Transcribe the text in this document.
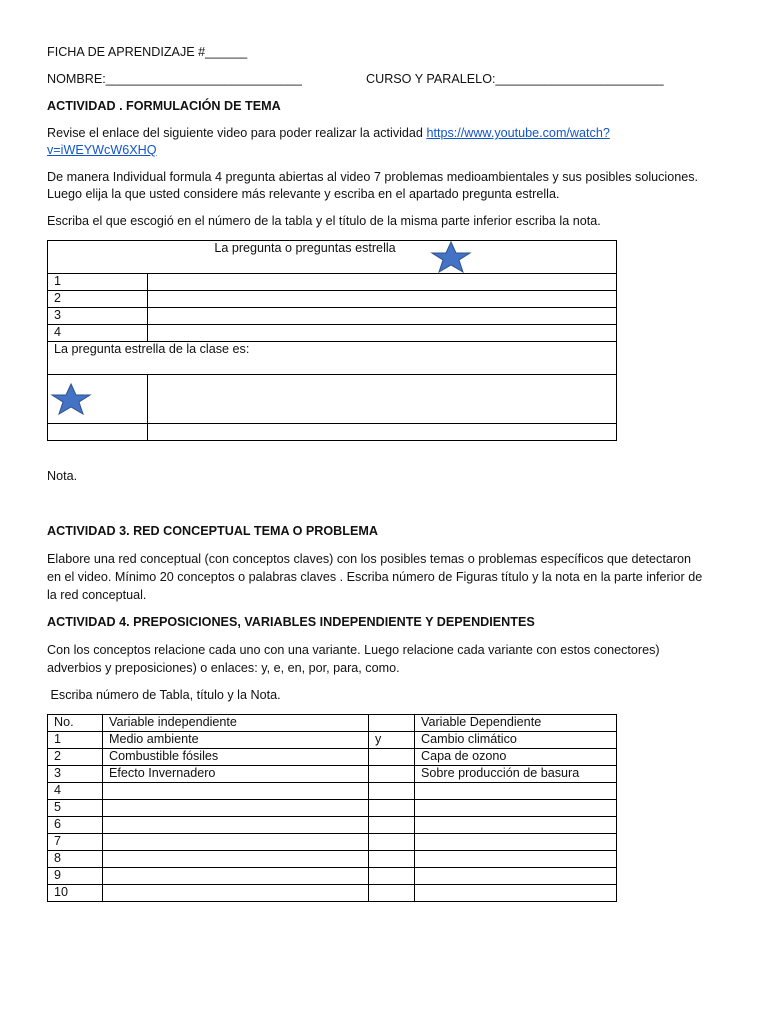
FICHA DE APRENDIZAJE #______

NOMBRE:____________________________	CURSO Y PARALELO:________________________

ACTIVIDAD . FORMULACIÓN DE TEMA

Revise el enlace del siguiente video para poder realizar la actividad https://www.youtube.com/watch?
v=iWEYWcW6XHQ

De manera Individual formula 4 pregunta abiertas al video 7 problemas medioambientales y sus posibles soluciones.
Luego elija la que usted considere más relevante y escriba en el apartado pregunta estrella.

Escriba el que escogió en el número de la tabla y el título de la misma parte inferior escriba la nota.

La pregunta o preguntas estrella	

1	
2	
3	
4	
La pregunta estrella de la clase es:	

Nota.

ACTIVIDAD 3. RED CONCEPTUAL TEMA O PROBLEMA

Elabore una red conceptual (con conceptos claves) con los posibles temas o problemas específicos que detectaron
en el video. Mínimo 20 conceptos o palabras claves . Escriba número de Figuras título y la nota en la parte inferior de
la red conceptual.

ACTIVIDAD 4. PREPOSICIONES, VARIABLES INDEPENDIENTE Y DEPENDIENTES

Con los conceptos relacione cada uno con una variante. Luego relacione cada variante con estos conectores)
adverbios y preposiciones) o enlaces: y, e, en, por, para, como.

Escriba número de Tabla, título y la Nota.

No.	Variable independiente		Variable Dependiente
1	Medio ambiente	y	Cambio climático
2	Combustible fósiles		Capa de ozono
3	Efecto Invernadero		Sobre producción de basura
4			
5			
6			
7			
8			
9			
10			
